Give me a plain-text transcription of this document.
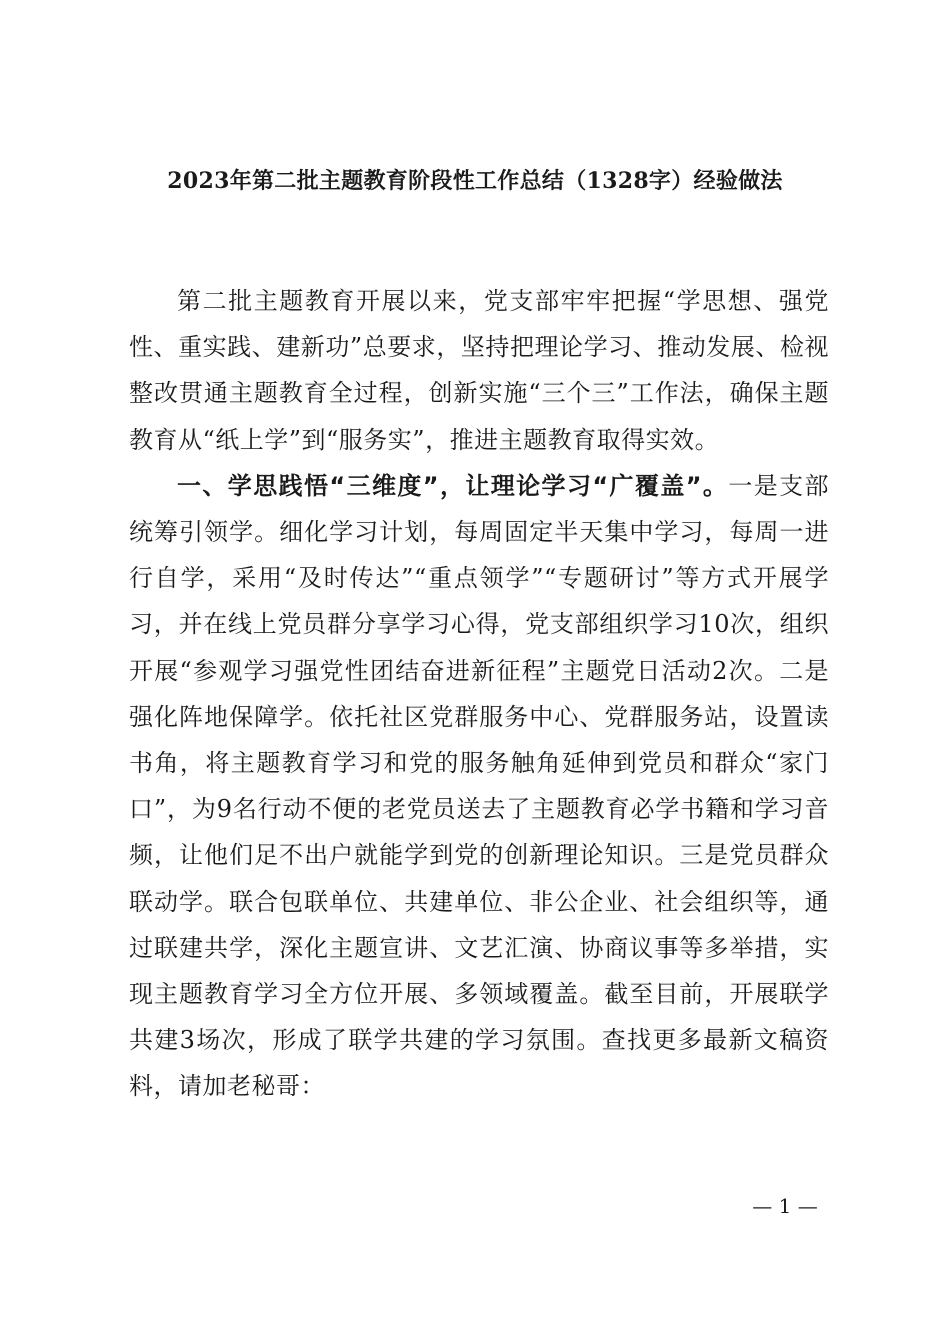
2023年第二批主题教育阶段性工作总结（1328字）经验做法

第二批主题教育开展以来，党支部牢牢把握“学思想、强党性、重实践、建新功”总要求，坚持把理论学习、推动发展、检视整改贯通主题教育全过程，创新实施“三个三”工作法，确保主题教育从“纸上学”到“服务实”，推进主题教育取得实效。

一、学思践悟“三维度”，让理论学习“广覆盖”。一是支部统筹引领学。细化学习计划，每周固定半天集中学习，每周一进行自学，采用“及时传达”“重点领学”“专题研讨”等方式开展学习，并在线上党员群分享学习心得，党支部组织学习10次，组织开展“参观学习强党性团结奋进新征程”主题党日活动2次。二是强化阵地保障学。依托社区党群服务中心、党群服务站，设置读书角，将主题教育学习和党的服务触角延伸到党员和群众“家门口”，为9名行动不便的老党员送去了主题教育必学书籍和学习音频，让他们足不出户就能学到党的创新理论知识。三是党员群众联动学。联合包联单位、共建单位、非公企业、社会组织等，通过联建共学，深化主题宣讲、文艺汇演、协商议事等多举措，实现主题教育学习全方位开展、多领域覆盖。截至目前，开展联学共建3场次，形成了联学共建的学习氛围。查找更多最新文稿资料，请加老秘哥：

— 1 —
